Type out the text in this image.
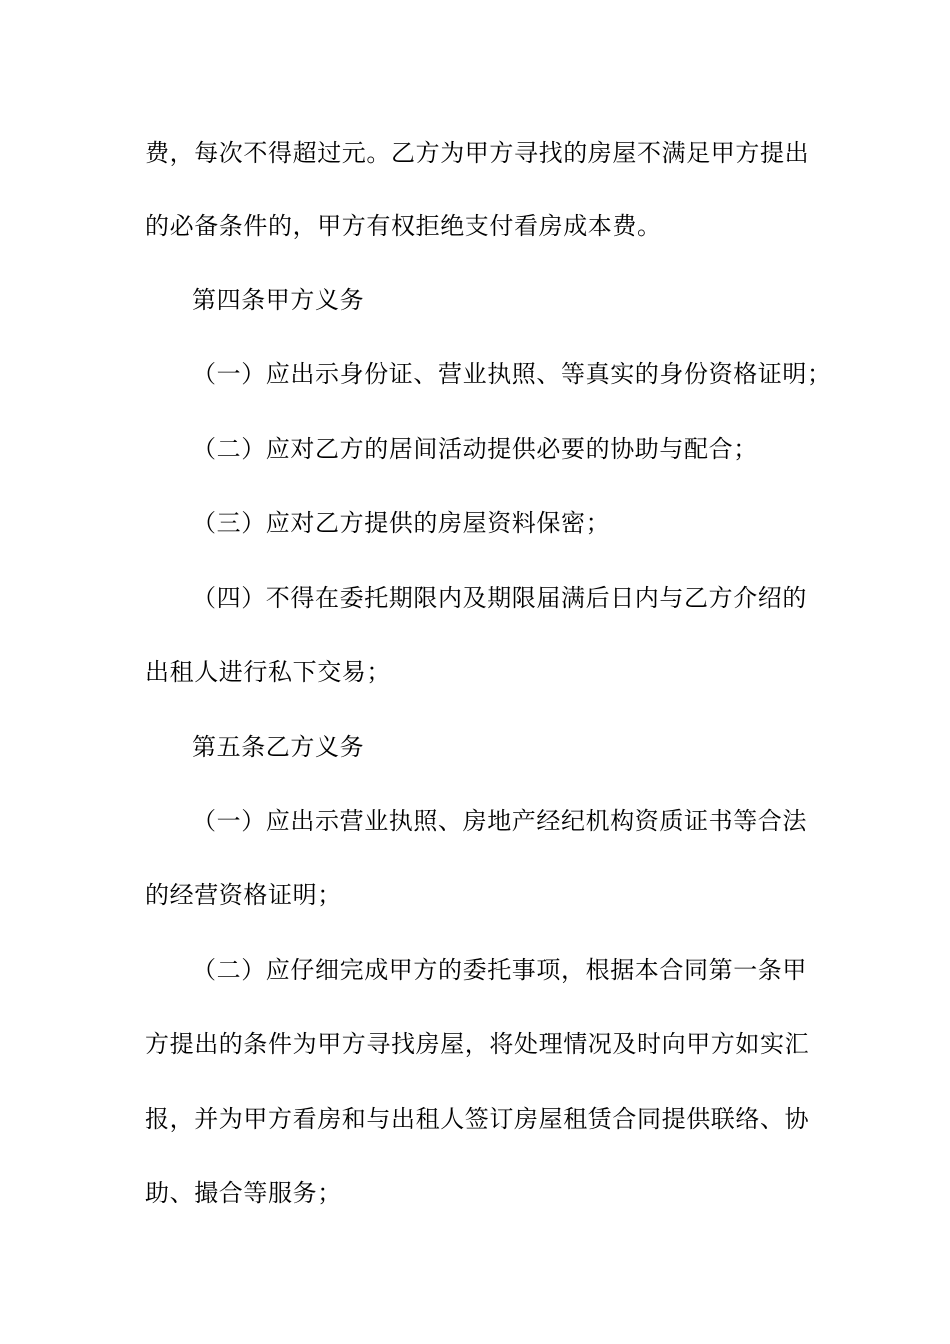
费，每次不得超过元。乙方为甲方寻找的房屋不满足甲方提出
的必备条件的，甲方有权拒绝支付看房成本费。
第四条甲方义务
（一）应出示身份证、营业执照、等真实的身份资格证明；
（二）应对乙方的居间活动提供必要的协助与配合；
（三）应对乙方提供的房屋资料保密；
（四）不得在委托期限内及期限届满后日内与乙方介绍的
出租人进行私下交易；
第五条乙方义务
（一）应出示营业执照、房地产经纪机构资质证书等合法
的经营资格证明；
（二）应仔细完成甲方的委托事项，根据本合同第一条甲
方提出的条件为甲方寻找房屋，将处理情况及时向甲方如实汇
报，并为甲方看房和与出租人签订房屋租赁合同提供联络、协
助、撮合等服务；
